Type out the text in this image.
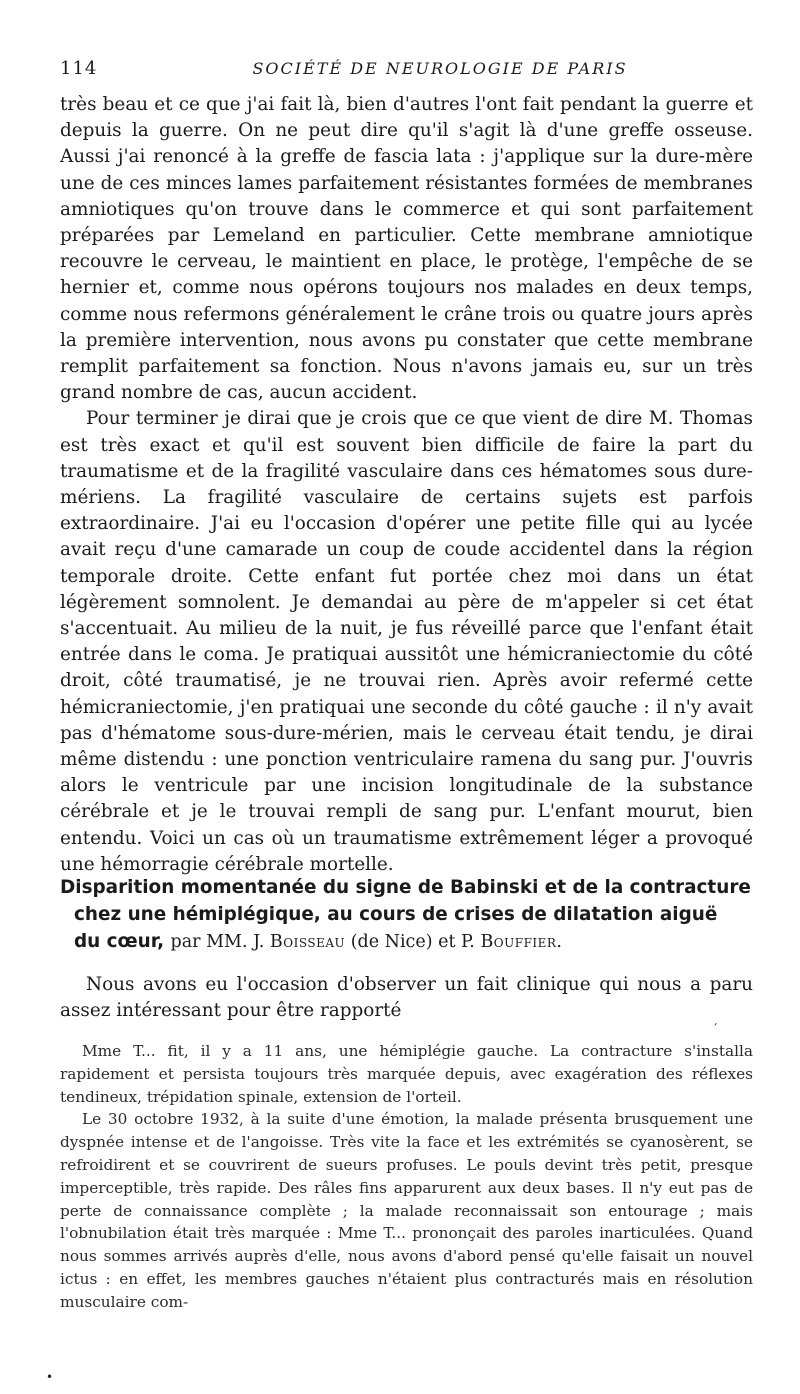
114	SOCIÉTÉ DE NEUROLOGIE DE PARIS

très beau et ce que j'ai fait là, bien d'autres l'ont fait pendant la guerre et depuis la guerre. On ne peut dire qu'il s'agit là d'une greffe osseuse. Aussi j'ai renoncé à la greffe de fascia lata : j'applique sur la dure-mère une de ces minces lames parfaitement résistantes formées de membranes amniotiques qu'on trouve dans le commerce et qui sont parfaitement préparées par Lemeland en particulier. Cette membrane amniotique recouvre le cerveau, le maintient en place, le protège, l'empêche de se hernier et, comme nous opérons toujours nos malades en deux temps, comme nous refermons généralement le crâne trois ou quatre jours après la première intervention, nous avons pu constater que cette membrane remplit parfaitement sa fonction. Nous n'avons jamais eu, sur un très grand nombre de cas, aucun accident.

Pour terminer je dirai que je crois que ce que vient de dire M. Thomas est très exact et qu'il est souvent bien difficile de faire la part du traumatisme et de la fragilité vasculaire dans ces hématomes sous dure-mériens. La fragilité vasculaire de certains sujets est parfois extraordinaire. J'ai eu l'occasion d'opérer une petite fille qui au lycée avait reçu d'une camarade un coup de coude accidentel dans la région temporale droite. Cette enfant fut portée chez moi dans un état légèrement somnolent. Je demandai au père de m'appeler si cet état s'accentuait. Au milieu de la nuit, je fus réveillé parce que l'enfant était entrée dans le coma. Je pratiquai aussitôt une hémicraniectomie du côté droit, côté traumatisé, je ne trouvai rien. Après avoir refermé cette hémicraniectomie, j'en pratiquai une seconde du côté gauche : il n'y avait pas d'hématome sous-dure-mérien, mais le cerveau était tendu, je dirai même distendu : une ponction ventriculaire ramena du sang pur. J'ouvris alors le ventricule par une incision longitudinale de la substance cérébrale et je le trouvai rempli de sang pur. L'enfant mourut, bien entendu. Voici un cas où un traumatisme extrêmement léger a provoqué une hémorragie cérébrale mortelle.

Disparition momentanée du signe de Babinski et de la contracture
chez une hémiplégique, au cours de crises de dilatation aiguë
du cœur, par MM. J. Boisseau (de Nice) et P. Bouffier.

Nous avons eu l'occasion d'observer un fait clinique qui nous a paru assez intéressant pour être rapporté

Mme T... fit, il y a 11 ans, une hémiplégie gauche. La contracture s'installa rapidement et persista toujours très marquée depuis, avec exagération des réflexes tendineux, trépidation spinale, extension de l'orteil.

Le 30 octobre 1932, à la suite d'une émotion, la malade présenta brusquement une dyspnée intense et de l'angoisse. Très vite la face et les extrémités se cyanosèrent, se refroidirent et se couvrirent de sueurs profuses. Le pouls devint très petit, presque imperceptible, très rapide. Des râles fins apparurent aux deux bases. Il n'y eut pas de perte de connaissance complète ; la malade reconnaissait son entourage ; mais l'obnubilation était très marquée : Mme T... prononçait des paroles inarticulées. Quand nous sommes arrivés auprès d'elle, nous avons d'abord pensé qu'elle faisait un nouvel ictus : en effet, les membres gauches n'étaient plus contracturés mais en résolution musculaire com-

ˊ
•
